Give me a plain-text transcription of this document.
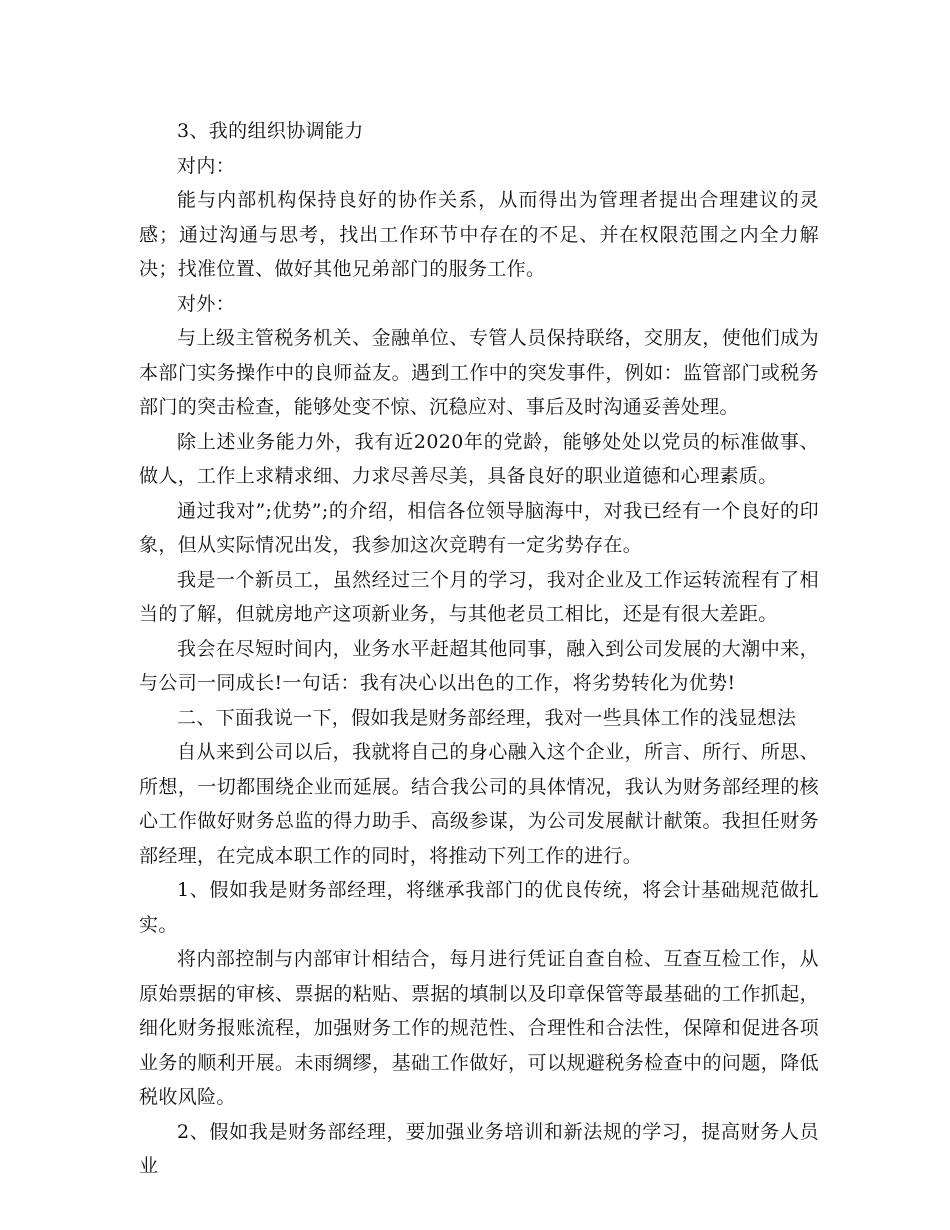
3、我的组织协调能力

对内：

能与内部机构保持良好的协作关系，从而得出为管理者提出合理建议的灵感；通过沟通与思考，找出工作环节中存在的不足、并在权限范围之内全力解决；找准位置、做好其他兄弟部门的服务工作。

对外：

与上级主管税务机关、金融单位、专管人员保持联络，交朋友，使他们成为本部门实务操作中的良师益友。遇到工作中的突发事件，例如：监管部门或税务部门的突击检查，能够处变不惊、沉稳应对、事后及时沟通妥善处理。

除上述业务能力外，我有近2020年的党龄，能够处处以党员的标准做事、做人，工作上求精求细、力求尽善尽美，具备良好的职业道德和心理素质。

通过我对”;优势”;的介绍，相信各位领导脑海中，对我已经有一个良好的印象，但从实际情况出发，我参加这次竞聘有一定劣势存在。

我是一个新员工，虽然经过三个月的学习，我对企业及工作运转流程有了相当的了解，但就房地产这项新业务，与其他老员工相比，还是有很大差距。

我会在尽短时间内，业务水平赶超其他同事，融入到公司发展的大潮中来，与公司一同成长!一句话：我有决心以出色的工作，将劣势转化为优势!

二、下面我说一下，假如我是财务部经理，我对一些具体工作的浅显想法

自从来到公司以后，我就将自己的身心融入这个企业，所言、所行、所思、所想，一切都围绕企业而延展。结合我公司的具体情况，我认为财务部经理的核心工作做好财务总监的得力助手、高级参谋，为公司发展献计献策。我担任财务部经理，在完成本职工作的同时，将推动下列工作的进行。

1、假如我是财务部经理，将继承我部门的优良传统，将会计基础规范做扎实。

将内部控制与内部审计相结合，每月进行凭证自查自检、互查互检工作，从原始票据的审核、票据的粘贴、票据的填制以及印章保管等最基础的工作抓起，细化财务报账流程，加强财务工作的规范性、合理性和合法性，保障和促进各项业务的顺利开展。未雨绸缪，基础工作做好，可以规避税务检查中的问题，降低税收风险。

2、假如我是财务部经理，要加强业务培训和新法规的学习，提高财务人员业
